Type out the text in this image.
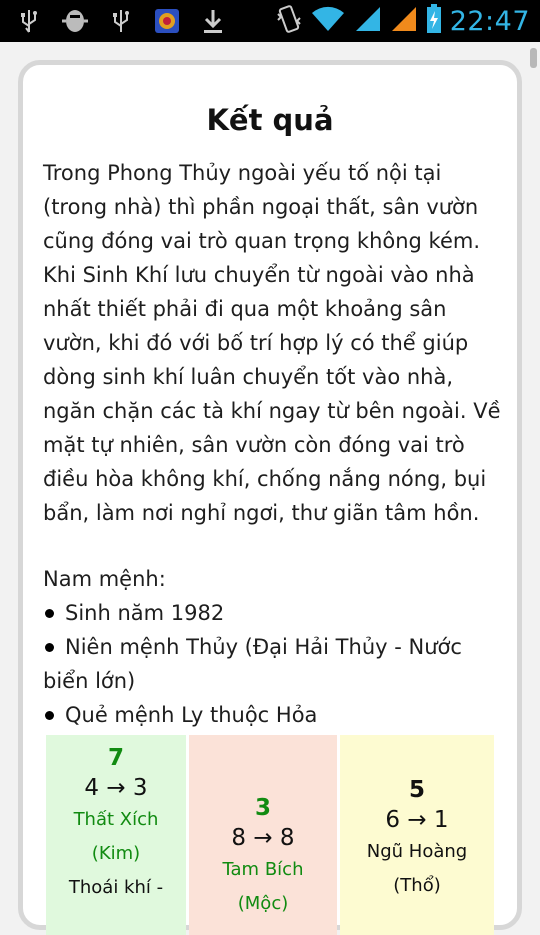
22:47
Kết quả
Trong Phong Thủy ngoài yếu tố nội tại
(trong nhà) thì phần ngoại thất, sân vườn
cũng đóng vai trò quan trọng không kém.
Khi Sinh Khí lưu chuyển từ ngoài vào nhà
nhất thiết phải đi qua một khoảng sân
vườn, khi đó với bố trí hợp lý có thể giúp
dòng sinh khí luân chuyển tốt vào nhà,
ngăn chặn các tà khí ngay từ bên ngoài. Về
mặt tự nhiên, sân vườn còn đóng vai trò
điều hòa không khí, chống nắng nóng, bụi
bẩn, làm nơi nghỉ ngơi, thư giãn tâm hồn.
Nam mệnh:
Sinh năm 1982
Niên mệnh Thủy (Đại Hải Thủy - Nước
biển lớn)
Quẻ mệnh Ly thuộc Hỏa
7
4 → 3
Thất Xích
(Kim)
Thoái khí -
3
8 → 8
Tam Bích
(Mộc)
5
6 → 1
Ngũ Hoàng
(Thổ)
